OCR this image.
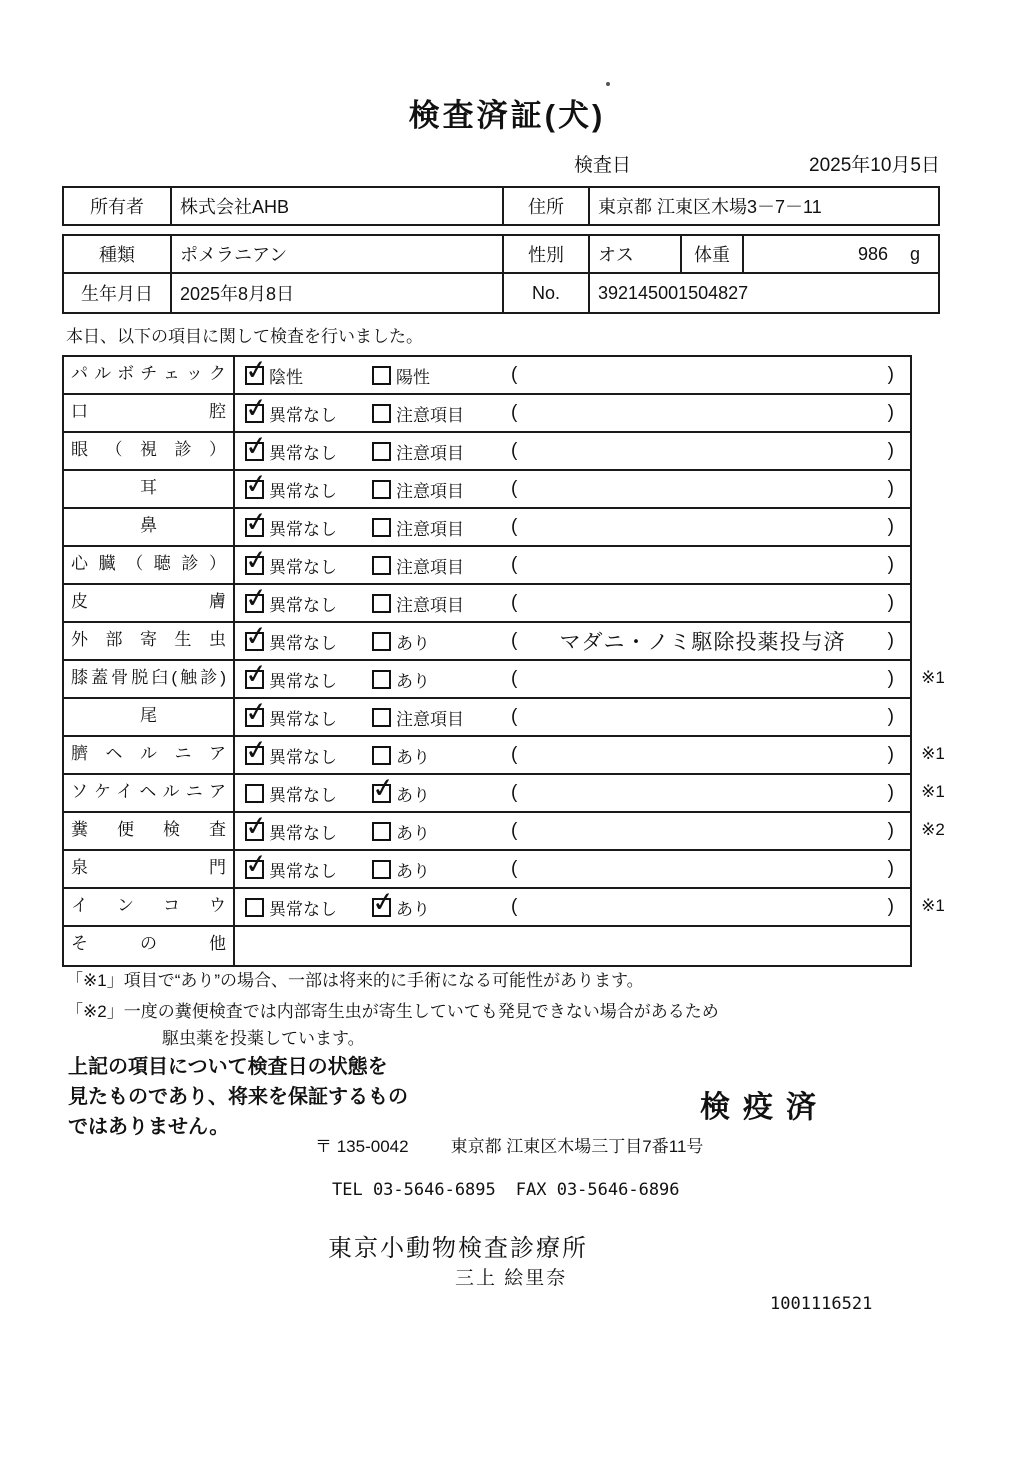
検査済証(犬)
検査日	2025年10月5日
所有者	株式会社AHB	住所	東京都 江東区木場3－7－11
種類	ポメラニアン	性別	オス	体重	986 g
生年月日	2025年8月8日	No.	392145001504827
本日、以下の項目に関して検査を行いました。
パルボチェック ✓	陰性	陽性	(	)
口腔 ✓	異常なし	注意項目 (	)
眼（視診） ✓	異常なし	注意項目 (	)
耳 ✓	異常なし	注意項目 (	)
鼻 ✓	異常なし	注意項目 (	)
心臓（聴診） ✓	異常なし	注意項目 (	)
皮膚 ✓	異常なし	注意項目 (	)
外部寄生虫 ✓	異常なし	あり	(	マダニ・ノミ駆除投薬投与済	)
膝蓋骨脱臼(触診) ✓	異常なし	あり	(	)	※1
尾 ✓	異常なし	注意項目 (	)
臍ヘルニア ✓	異常なし	あり	(	)	※1
ソケイヘルニア	異常なし ✓	あり	(	)	※1
糞便検査 ✓	異常なし	あり	(	)	※2
泉門 ✓	異常なし	あり	(	)
インコウ	異常なし ✓	あり	(	)	※1
その他
「※1」項目で“あり”の場合、一部は将来的に手術になる可能性があります。
「※2」一度の糞便検査では内部寄生虫が寄生していても発見できない場合があるため
駆虫薬を投薬しています。
上記の項目について検査日の状態を
見たものであり、将来を保証するもの
ではありません。
検疫済
〒 135-0042 東京都 江東区木場三丁目7番11号
TEL 03-5646-6895 FAX 03-5646-6896
東京小動物検査診療所
三上 絵里奈
1001116521
